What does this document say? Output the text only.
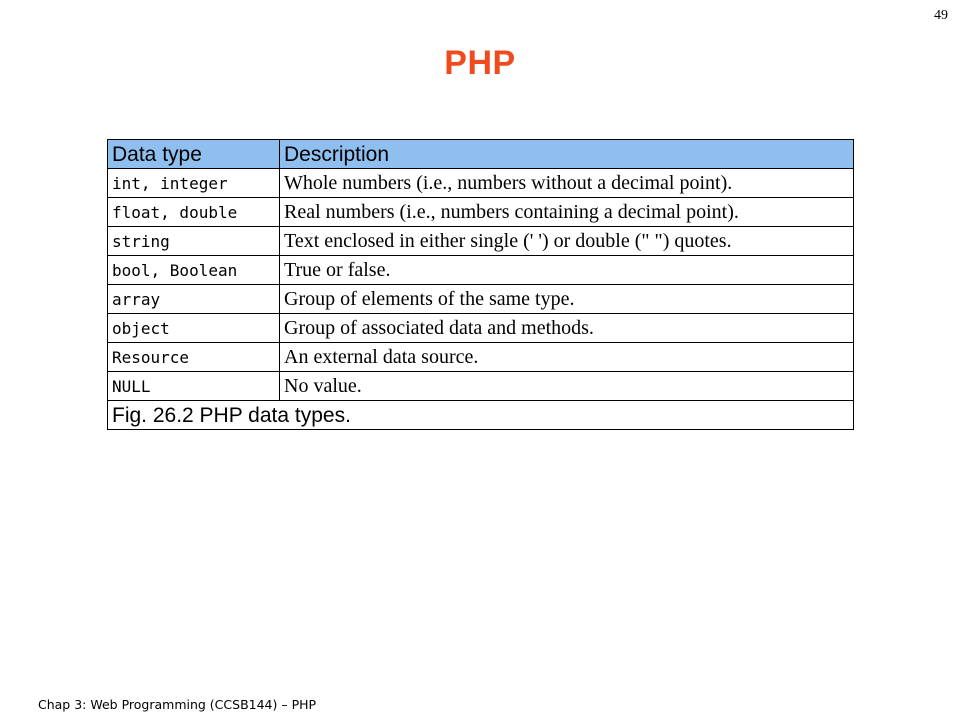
49
PHP
Data type	Description
int, integer	Whole numbers (i.e., numbers without a decimal point).
float, double	Real numbers (i.e., numbers containing a decimal point).
string	Text enclosed in either single (' ') or double (" ") quotes.
bool, Boolean	True or false.
array	Group of elements of the same type.
object	Group of associated data and methods.
Resource	An external data source.
NULL	No value.
Fig. 26.2 PHP data types.	
Chap 3: Web Programming (CCSB144) – PHP
